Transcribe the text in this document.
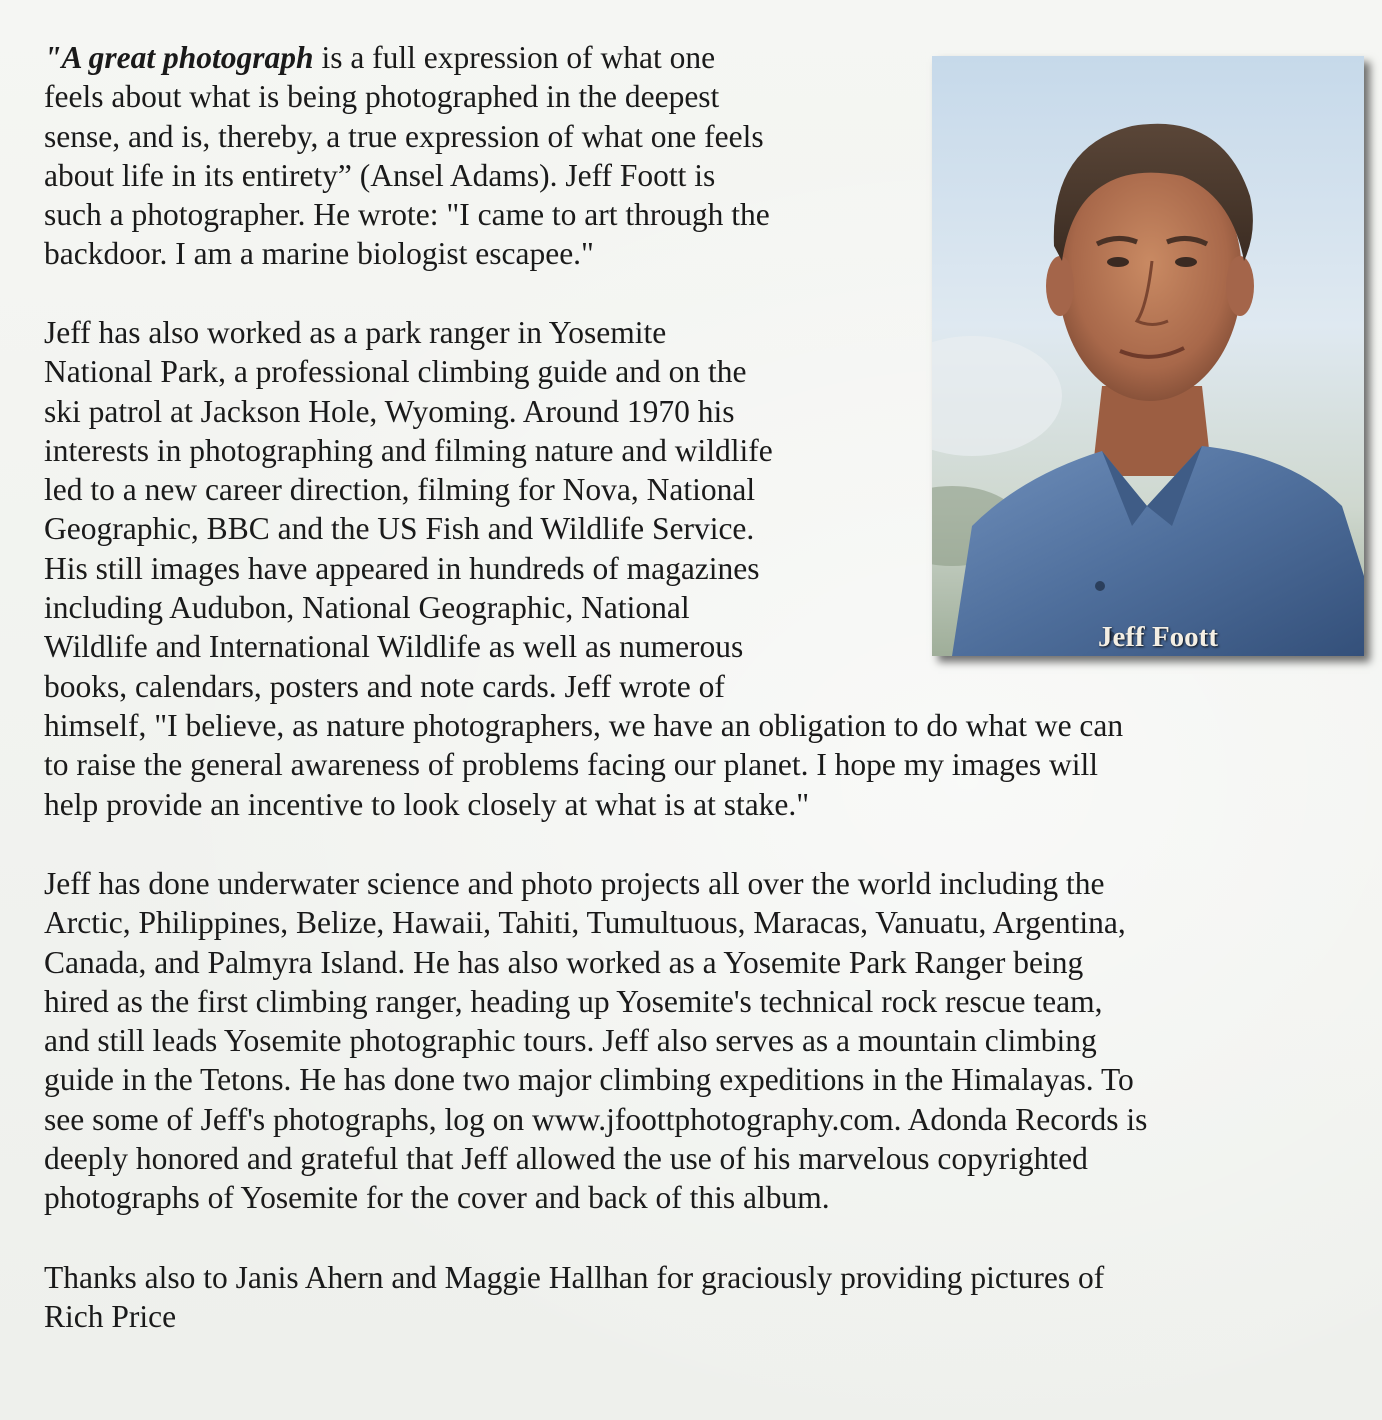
"A great photograph is a full expression of what one
feels about what is being photographed in the deepest
sense, and is, thereby, a true expression of what one feels
about life in its entirety” (Ansel Adams). Jeff Foott is
such a photographer. He wrote: "I came to art through the
backdoor. I am a marine biologist escapee."

Jeff has also worked as a park ranger in Yosemite
National Park, a professional climbing guide and on the
ski patrol at Jackson Hole, Wyoming. Around 1970 his
interests in photographing and filming nature and wildlife
led to a new career direction, filming for Nova, National
Geographic, BBC and the US Fish and Wildlife Service.
His still images have appeared in hundreds of magazines
including Audubon, National Geographic, National
Wildlife and International Wildlife as well as numerous
books, calendars, posters and note cards. Jeff wrote of
himself, "I believe, as nature photographers, we have an obligation to do what we can
to raise the general awareness of problems facing our planet. I hope my images will
help provide an incentive to look closely at what is at stake."

Jeff has done underwater science and photo projects all over the world including the
Arctic, Philippines, Belize, Hawaii, Tahiti, Tumultuous, Maracas, Vanuatu, Argentina,
Canada, and Palmyra Island. He has also worked as a Yosemite Park Ranger being
hired as the first climbing ranger, heading up Yosemite's technical rock rescue team,
and still leads Yosemite photographic tours. Jeff also serves as a mountain climbing
guide in the Tetons. He has done two major climbing expeditions in the Himalayas. To
see some of Jeff's photographs, log on www.jfoottphotography.com. Adonda Records is
deeply honored and grateful that Jeff allowed the use of his marvelous copyrighted
photographs of Yosemite for the cover and back of this album.

Thanks also to Janis Ahern and Maggie Hallhan for graciously providing pictures of
Rich Price

Jeff Foott
